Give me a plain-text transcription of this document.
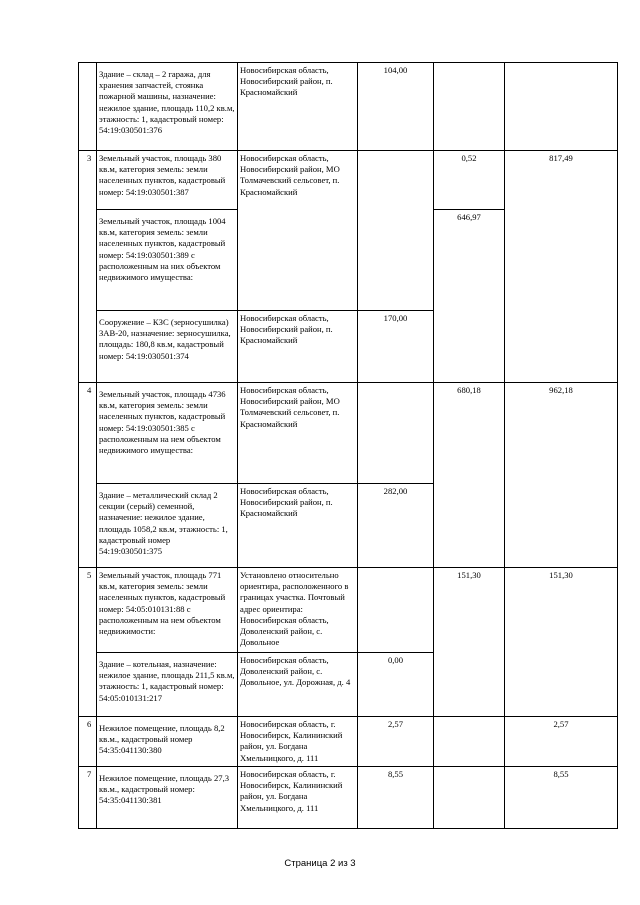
	Здание – склад – 2 гаража, для хранения запчастей, стоянка пожарной машины, назначение: нежилое здание, площадь 110,2 кв.м, этажность: 1, кадастровый номер: 54:19:030501:376	Новосибирская область, Новосибирский район, п. Красномайский	104,00		
3	Земельный участок, площадь 380 кв.м, категория земель: земли населенных пунктов, кадастровый номер: 54:19:030501:387	Новосибирская область, Новосибирский район, МО Толмачевский сельсовет, п. Красномайский		0,52	817,49
	Земельный участок, площадь 1004 кв.м, категория земель: земли населенных пунктов, кадастровый номер: 54:19:030501:389 с расположенным на них объектом недвижимого имущества:			646,97	
	Сооружение – КЗС (зерносушилка) ЗАВ-20, назначение: зерносушилка, площадь: 180,8 кв.м, кадастровый номер: 54:19:030501:374	Новосибирская область, Новосибирский район, п. Красномайский	170,00		
4	Земельный участок, площадь 4736 кв.м, категория земель: земли населенных пунктов, кадастровый номер: 54:19:030501:385 с расположенным на нем объектом недвижимого имущества:	Новосибирская область, Новосибирский район, МО Толмачевский сельсовет, п. Красномайский		680,18	962,18
	Здание – металлический склад 2 секции (серый) семенной, назначение: нежилое здание, площадь 1058,2 кв.м, этажность: 1, кадастровый номер 54:19:030501:375	Новосибирская область, Новосибирский район, п. Красномайский	282,00		
5	Земельный участок, площадь 771 кв.м, категория земель: земли населенных пунктов, кадастровый номер: 54:05:010131:88 с расположенным на нем объектом недвижимости:	Установлено относительно ориентира, расположенного в границах участка. Почтовый адрес ориентира: Новосибирская область, Доволенский район, с. Довольное		151,30	151,30
	Здание – котельная, назначение: нежилое здание, площадь 211,5 кв.м, этажность: 1, кадастровый номер: 54:05:010131:217	Новосибирская область, Доволенский район, с. Довольное, ул. Дорожная, д. 4	0,00		
6	Нежилое помещение, площадь 8,2 кв.м., кадастровый номер 54:35:041130:380	Новосибирская область, г. Новосибирск, Калининский район, ул. Богдана Хмельницкого, д. 111	2,57		2,57
7	Нежилое помещение, площадь 27,3 кв.м., кадастровый номер: 54:35:041130:381	Новосибирская область, г. Новосибирск, Калининский район, ул. Богдана Хмельницкого, д. 111	8,55		8,55
Страница 2 из 3
